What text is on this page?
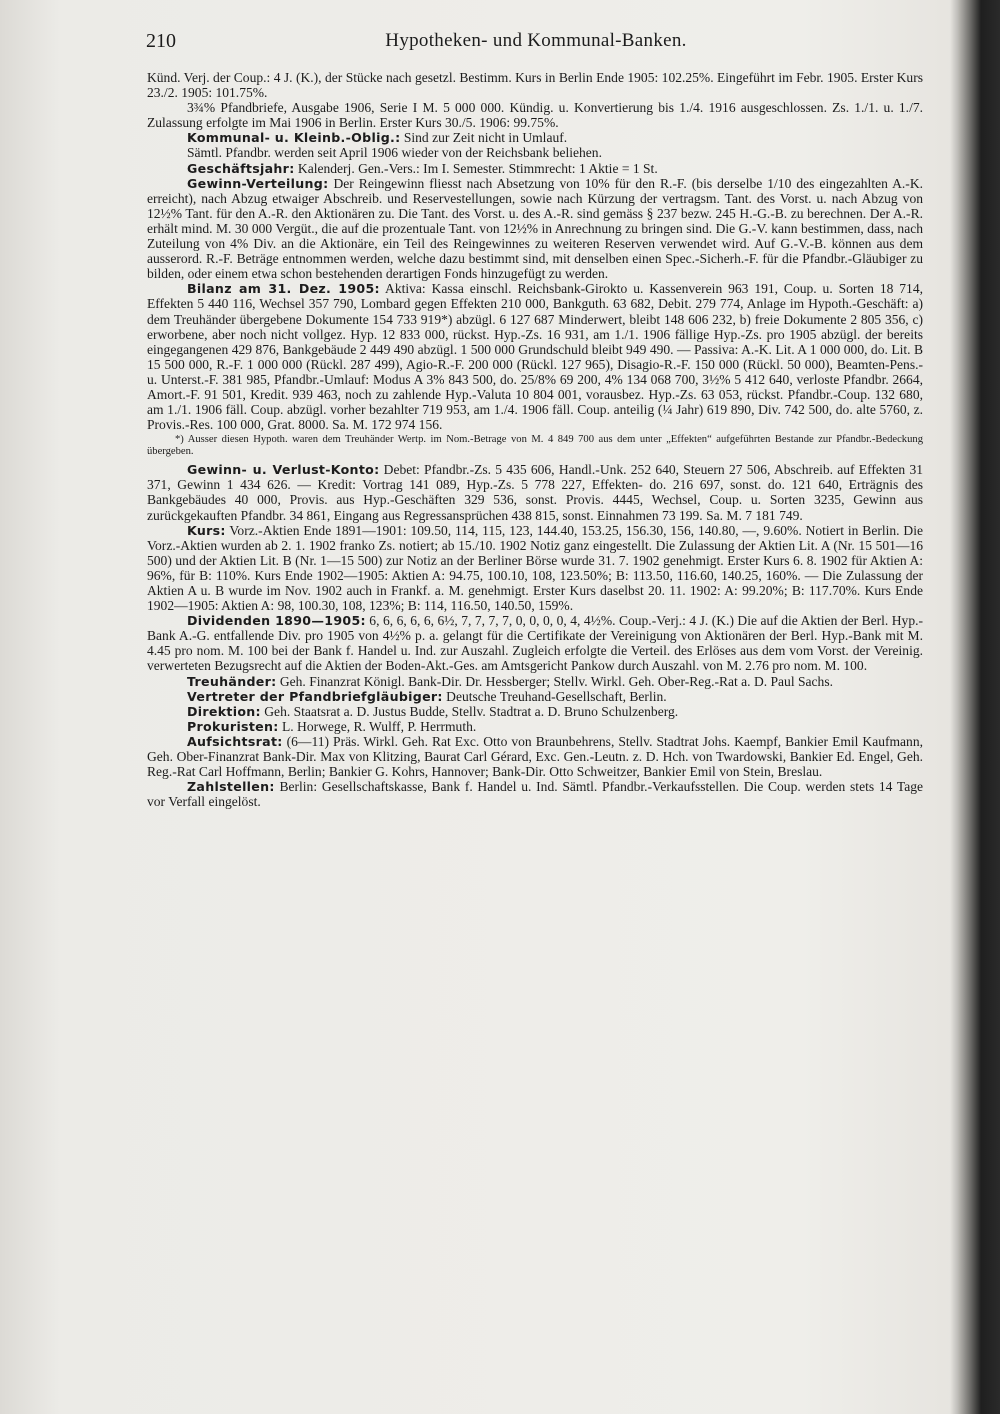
210	Hypotheken- und Kommunal-Banken.

Künd. Verj. der Coup.: 4 J. (K.), der Stücke nach gesetzl. Bestimm. Kurs in Berlin Ende 1905: 102.25%. Eingeführt im Febr. 1905. Erster Kurs 23./2. 1905: 101.75%.

3¾% Pfandbriefe, Ausgabe 1906, Serie I M. 5 000 000. Kündig. u. Konvertierung bis 1./4. 1916 ausgeschlossen. Zs. 1./1. u. 1./7. Zulassung erfolgte im Mai 1906 in Berlin. Erster Kurs 30./5. 1906: 99.75%.

Kommunal- u. Kleinb.-Oblig.: Sind zur Zeit nicht in Umlauf.

Sämtl. Pfandbr. werden seit April 1906 wieder von der Reichsbank beliehen.

Geschäftsjahr: Kalenderj. Gen.-Vers.: Im I. Semester. Stimmrecht: 1 Aktie = 1 St.

Gewinn-Verteilung: Der Reingewinn fliesst nach Absetzung von 10% für den R.-F. (bis derselbe 1/10 des eingezahlten A.-K. erreicht), nach Abzug etwaiger Abschreib. und Reservestellungen, sowie nach Kürzung der vertragsm. Tant. des Vorst. u. nach Abzug von 12½% Tant. für den A.-R. den Aktionären zu. Die Tant. des Vorst. u. des A.-R. sind gemäss § 237 bezw. 245 H.-G.-B. zu berechnen. Der A.-R. erhält mind. M. 30 000 Vergüt., die auf die prozentuale Tant. von 12½% in Anrechnung zu bringen sind. Die G.-V. kann bestimmen, dass, nach Zuteilung von 4% Div. an die Aktionäre, ein Teil des Reingewinnes zu weiteren Reserven verwendet wird. Auf G.-V.-B. können aus dem ausserord. R.-F. Beträge entnommen werden, welche dazu bestimmt sind, mit denselben einen Spec.-Sicherh.-F. für die Pfandbr.-Gläubiger zu bilden, oder einem etwa schon bestehenden derartigen Fonds hinzugefügt zu werden.

Bilanz am 31. Dez. 1905: Aktiva: Kassa einschl. Reichsbank-Girokto u. Kassenverein 963 191, Coup. u. Sorten 18 714, Effekten 5 440 116, Wechsel 357 790, Lombard gegen Effekten 210 000, Bankguth. 63 682, Debit. 279 774, Anlage im Hypoth.-Geschäft: a) dem Treuhänder übergebene Dokumente 154 733 919*) abzügl. 6 127 687 Minderwert, bleibt 148 606 232, b) freie Dokumente 2 805 356, c) erworbene, aber noch nicht vollgez. Hyp. 12 833 000, rückst. Hyp.-Zs. 16 931, am 1./1. 1906 fällige Hyp.-Zs. pro 1905 abzügl. der bereits eingegangenen 429 876, Bankgebäude 2 449 490 abzügl. 1 500 000 Grundschuld bleibt 949 490. — Passiva: A.-K. Lit. A 1 000 000, do. Lit. B 15 500 000, R.-F. 1 000 000 (Rückl. 287 499), Agio-R.-F. 200 000 (Rückl. 127 965), Disagio-R.-F. 150 000 (Rückl. 50 000), Beamten-Pens.- u. Unterst.-F. 381 985, Pfandbr.-Umlauf: Modus A 3% 843 500, do. 25/8% 69 200, 4% 134 068 700, 3½% 5 412 640, verloste Pfandbr. 2664, Amort.-F. 91 501, Kredit. 939 463, noch zu zahlende Hyp.-Valuta 10 804 001, vorausbez. Hyp.-Zs. 63 053, rückst. Pfandbr.-Coup. 132 680, am 1./1. 1906 fäll. Coup. abzügl. vorher bezahlter 719 953, am 1./4. 1906 fäll. Coup. anteilig (¼ Jahr) 619 890, Div. 742 500, do. alte 5760, z. Provis.-Res. 100 000, Grat. 8000. Sa. M. 172 974 156.

*) Ausser diesen Hypoth. waren dem Treuhänder Wertp. im Nom.-Betrage von M. 4 849 700 aus dem unter „Effekten“ aufgeführten Bestande zur Pfandbr.-Bedeckung übergeben.

Gewinn- u. Verlust-Konto: Debet: Pfandbr.-Zs. 5 435 606, Handl.-Unk. 252 640, Steuern 27 506, Abschreib. auf Effekten 31 371, Gewinn 1 434 626. — Kredit: Vortrag 141 089, Hyp.-Zs. 5 778 227, Effekten- do. 216 697, sonst. do. 121 640, Erträgnis des Bankgebäudes 40 000, Provis. aus Hyp.-Geschäften 329 536, sonst. Provis. 4445, Wechsel, Coup. u. Sorten 3235, Gewinn aus zurückgekauften Pfandbr. 34 861, Eingang aus Regressansprüchen 438 815, sonst. Einnahmen 73 199. Sa. M. 7 181 749.

Kurs: Vorz.-Aktien Ende 1891—1901: 109.50, 114, 115, 123, 144.40, 153.25, 156.30, 156, 140.80, —, 9.60%. Notiert in Berlin. Die Vorz.-Aktien wurden ab 2. 1. 1902 franko Zs. notiert; ab 15./10. 1902 Notiz ganz eingestellt. Die Zulassung der Aktien Lit. A (Nr. 15 501—16 500) und der Aktien Lit. B (Nr. 1—15 500) zur Notiz an der Berliner Börse wurde 31. 7. 1902 genehmigt. Erster Kurs 6. 8. 1902 für Aktien A: 96%, für B: 110%. Kurs Ende 1902—1905: Aktien A: 94.75, 100.10, 108, 123.50%; B: 113.50, 116.60, 140.25, 160%. — Die Zulassung der Aktien A u. B wurde im Nov. 1902 auch in Frankf. a. M. genehmigt. Erster Kurs daselbst 20. 11. 1902: A: 99.20%; B: 117.70%. Kurs Ende 1902—1905: Aktien A: 98, 100.30, 108, 123%; B: 114, 116.50, 140.50, 159%.

Dividenden 1890—1905: 6, 6, 6, 6, 6, 6½, 7, 7, 7, 7, 0, 0, 0, 0, 4, 4½%. Coup.-Verj.: 4 J. (K.) Die auf die Aktien der Berl. Hyp.-Bank A.-G. entfallende Div. pro 1905 von 4½% p. a. gelangt für die Certifikate der Vereinigung von Aktionären der Berl. Hyp.-Bank mit M. 4.45 pro nom. M. 100 bei der Bank f. Handel u. Ind. zur Auszahl. Zugleich erfolgte die Verteil. des Erlöses aus dem vom Vorst. der Vereinig. verwerteten Bezugsrecht auf die Aktien der Boden-Akt.-Ges. am Amtsgericht Pankow durch Auszahl. von M. 2.76 pro nom. M. 100.

Treuhänder: Geh. Finanzrat Königl. Bank-Dir. Dr. Hessberger; Stellv. Wirkl. Geh. Ober-Reg.-Rat a. D. Paul Sachs.

Vertreter der Pfandbriefgläubiger: Deutsche Treuhand-Gesellschaft, Berlin.

Direktion: Geh. Staatsrat a. D. Justus Budde, Stellv. Stadtrat a. D. Bruno Schulzenberg.

Prokuristen: L. Horwege, R. Wulff, P. Herrmuth.

Aufsichtsrat: (6—11) Präs. Wirkl. Geh. Rat Exc. Otto von Braunbehrens, Stellv. Stadtrat Johs. Kaempf, Bankier Emil Kaufmann, Geh. Ober-Finanzrat Bank-Dir. Max von Klitzing, Baurat Carl Gérard, Exc. Gen.-Leutn. z. D. Hch. von Twardowski, Bankier Ed. Engel, Geh. Reg.-Rat Carl Hoffmann, Berlin; Bankier G. Kohrs, Hannover; Bank-Dir. Otto Schweitzer, Bankier Emil von Stein, Breslau.

Zahlstellen: Berlin: Gesellschaftskasse, Bank f. Handel u. Ind. Sämtl. Pfandbr.-Verkaufsstellen. Die Coup. werden stets 14 Tage vor Verfall eingelöst.
